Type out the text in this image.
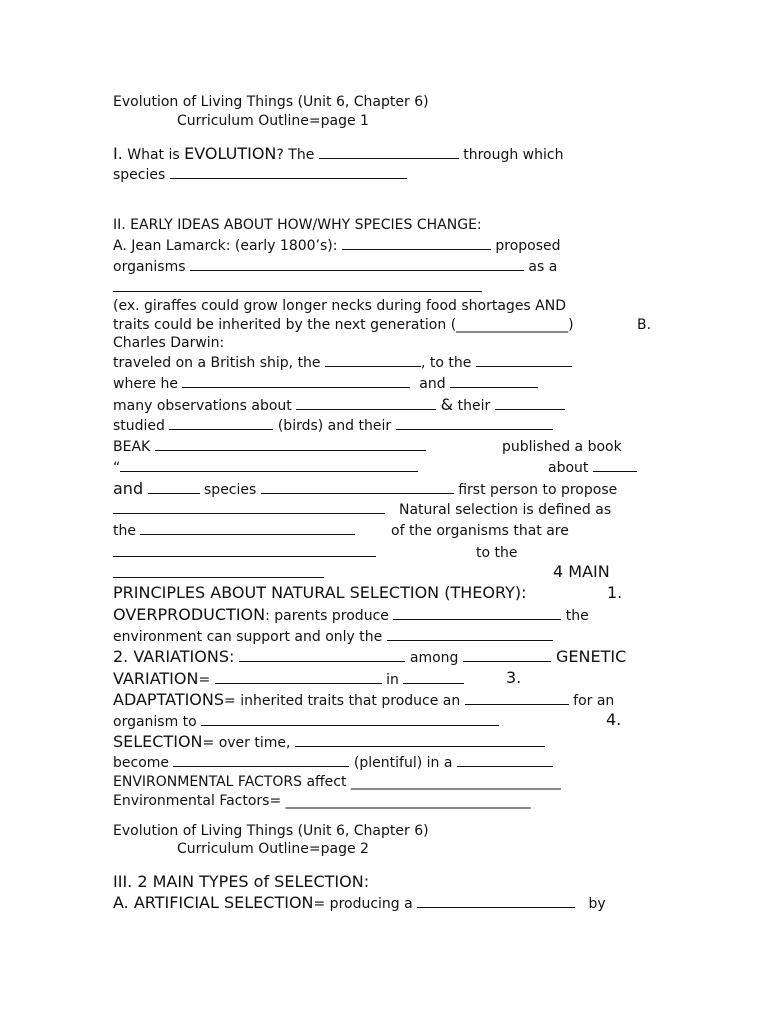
Evolution of Living Things (Unit 6, Chapter 6)
Curriculum Outline=page 1
I. What is EVOLUTION? The	through which
species
II. EARLY IDEAS ABOUT HOW/WHY SPECIES CHANGE:
A. Jean Lamarck: (early 1800’s):	proposed
organisms	as a
(ex. giraffes could grow longer necks during food shortages AND
traits could be inherited by the next generation (________________)	B.
Charles Darwin:
traveled on a British ship, the	, to the
where he	and
many observations about	& their
studied	(birds) and their
BEAK	published a book
“	about
and	species	first person to propose
Natural selection is defined as
the	of the organisms that are
to the
4 MAIN
PRINCIPLES ABOUT NATURAL SELECTION (THEORY):	1.
OVERPRODUCTION: parents produce	the
environment can support and only the
2. VARIATIONS:	among	GENETIC
VARIATION=	in	3.
ADAPTATIONS= inherited traits that produce an	for an
organism to	4.
SELECTION= over time,
become	(plentiful) in a
ENVIRONMENTAL FACTORS affect ______________________________
Environmental Factors= ___________________________________
Evolution of Living Things (Unit 6, Chapter 6)
Curriculum Outline=page 2
III. 2 MAIN TYPES of SELECTION:
A. ARTIFICIAL SELECTION= producing a	by
